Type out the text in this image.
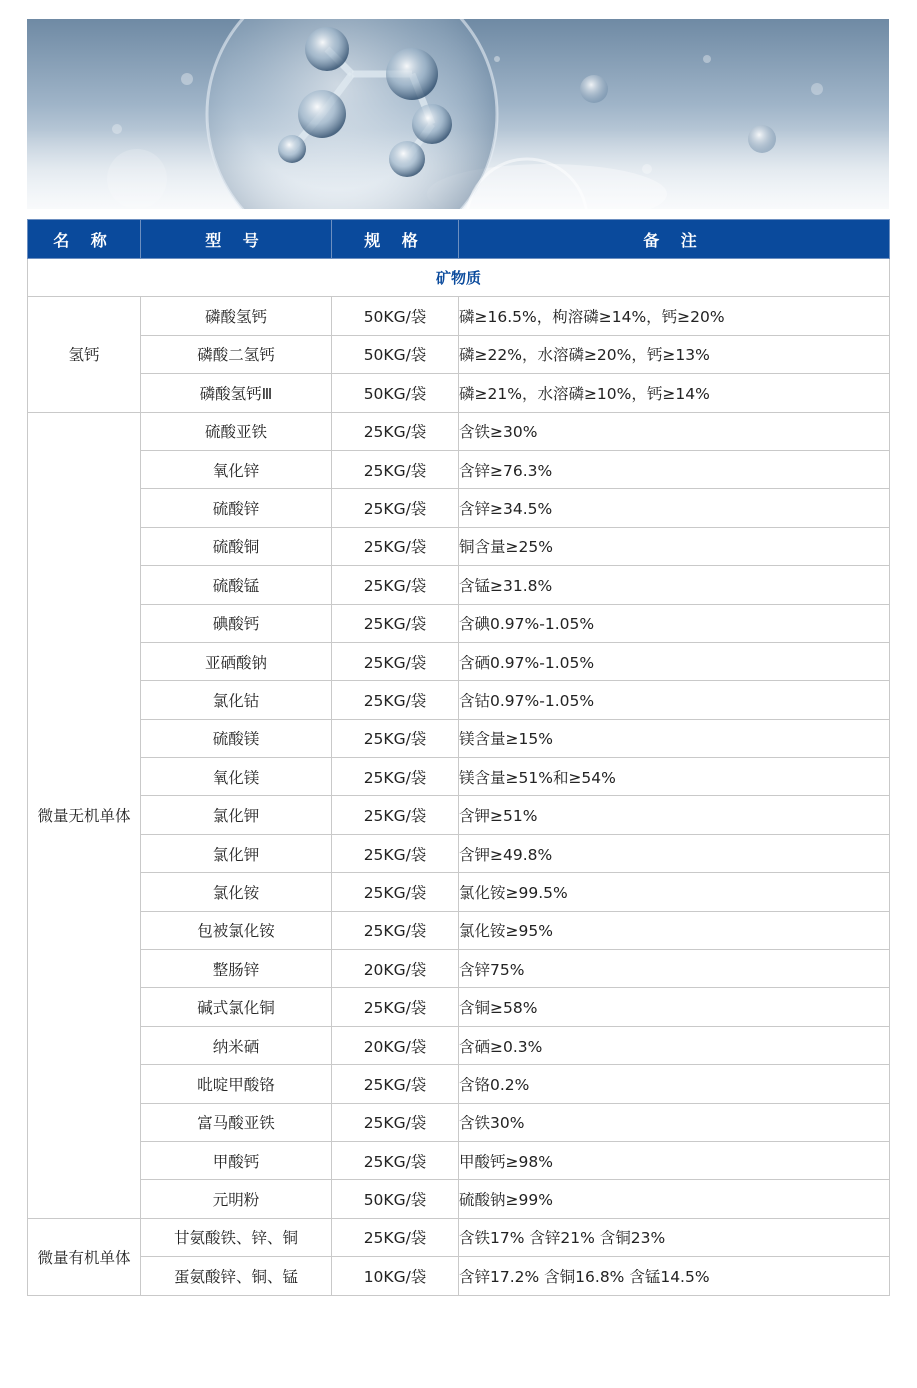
名 称	型 号	规 格	备 注
矿物质			
氢钙	磷酸氢钙	50KG/袋	磷≥16.5%，枸溶磷≥14%，钙≥20%
	磷酸二氢钙	50KG/袋	磷≥22%，水溶磷≥20%，钙≥13%
	磷酸氢钙Ⅲ	50KG/袋	磷≥21%，水溶磷≥10%，钙≥14%
微量无机单体	硫酸亚铁	25KG/袋	含铁≥30%
	氧化锌	25KG/袋	含锌≥76.3%
	硫酸锌	25KG/袋	含锌≥34.5%
	硫酸铜	25KG/袋	铜含量≥25%
	硫酸锰	25KG/袋	含锰≥31.8%
	碘酸钙	25KG/袋	含碘0.97%-1.05%
	亚硒酸钠	25KG/袋	含硒0.97%-1.05%
	氯化钴	25KG/袋	含钴0.97%-1.05%
	硫酸镁	25KG/袋	镁含量≥15%
	氧化镁	25KG/袋	镁含量≥51%和≥54%
	氯化钾	25KG/袋	含钾≥51%
	氯化钾	25KG/袋	含钾≥49.8%
	氯化铵	25KG/袋	氯化铵≥99.5%
	包被氯化铵	25KG/袋	氯化铵≥95%
	整肠锌	20KG/袋	含锌75%
	碱式氯化铜	25KG/袋	含铜≥58%
	纳米硒	20KG/袋	含硒≥0.3%
	吡啶甲酸铬	25KG/袋	含铬0.2%
	富马酸亚铁	25KG/袋	含铁30%
	甲酸钙	25KG/袋	甲酸钙≥98%
	元明粉	50KG/袋	硫酸钠≥99%
微量有机单体	甘氨酸铁、锌、铜	25KG/袋	含铁17% 含锌21% 含铜23%
	蛋氨酸锌、铜、锰	10KG/袋	含锌17.2% 含铜16.8% 含锰14.5%
